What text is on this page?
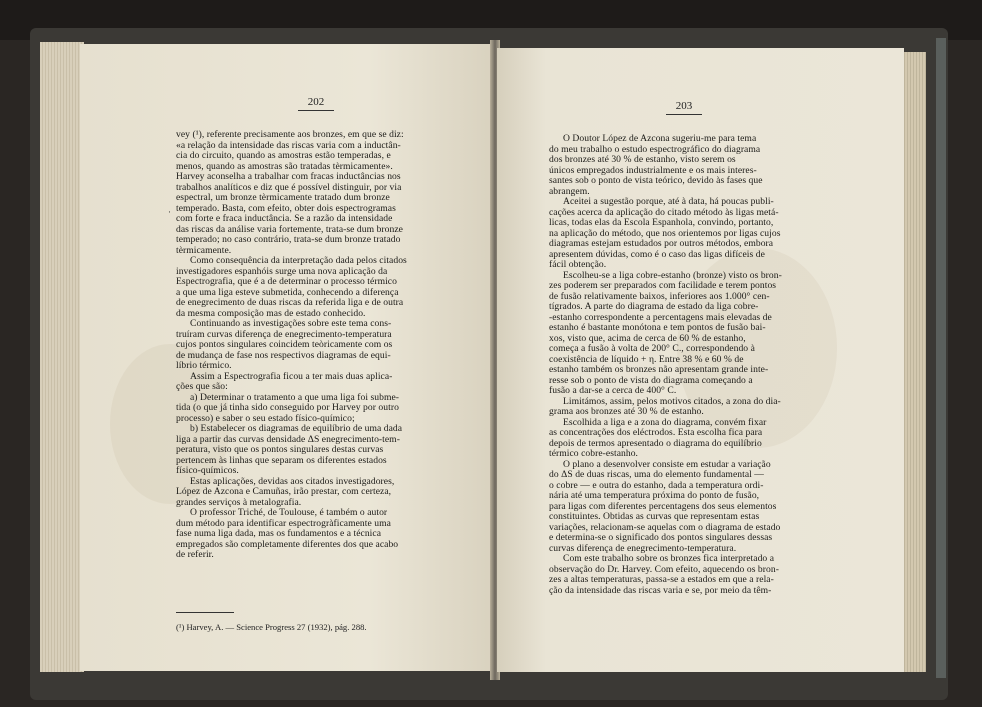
202
·
vey (¹), referente precisamente aos bronzes, em que se diz:
«a relação da intensidade das riscas varia com a inductân-
cia do circuito, quando as amostras estão temperadas, e
menos, quando as amostras são tratadas tèrmicamente».
Harvey aconselha a trabalhar com fracas inductâncias nos
trabalhos analíticos e diz que é possível distinguir, por via
espectral, um bronze tèrmicamente tratado dum bronze
temperado. Basta, com efeito, obter dois espectrogramas
com forte e fraca inductância. Se a razão da intensidade
das riscas da análise varia fortemente, trata-se dum bronze
temperado; no caso contrário, trata-se dum bronze tratado
tèrmicamente.
Como consequência da interpretação dada pelos citados
investigadores espanhóis surge uma nova aplicação da
Espectrografia, que é a de determinar o processo térmico
a que uma liga esteve submetida, conhecendo a diferença
de enegrecimento de duas riscas da referida liga e de outra
da mesma composição mas de estado conhecido.
Continuando as investigações sobre este tema cons-
truíram curvas diferença de enegrecimento-temperatura
cujos pontos singulares coincidem teòricamente com os
de mudança de fase nos respectivos diagramas de equi-
líbrio térmico.
Assim a Espectrografia ficou a ter mais duas aplica-
ções que são:
a) Determinar o tratamento a que uma liga foi subme-
tida (o que já tinha sido conseguido por Harvey por outro
processo) e saber o seu estado físico-químico;
b) Estabelecer os diagramas de equilíbrio de uma dada
liga a partir das curvas densidade ΔS enegrecimento-tem-
peratura, visto que os pontos singulares destas curvas
pertencem às linhas que separam os diferentes estados
físico-químicos.
Estas aplicações, devidas aos citados investigadores,
López de Azcona e Camuñas, irão prestar, com certeza,
grandes serviços à metalografia.
O professor Triché, de Toulouse, é também o autor
dum método para identificar espectrogràficamente uma
fase numa liga dada, mas os fundamentos e a técnica
empregados são completamente diferentes dos que acabo
de referir.
(¹) Harvey, A. — Science Progress 27 (1932), pág. 288.
203
O Doutor López de Azcona sugeriu-me para tema
do meu trabalho o estudo espectrográfico do diagrama
dos bronzes até 30 % de estanho, visto serem os
únicos empregados industrialmente e os mais interes-
santes sob o ponto de vista teórico, devido às fases que
abrangem.
Aceitei a sugestão porque, até à data, há poucas publi-
cações acerca da aplicação do citado método às ligas metá-
licas, todas elas da Escola Espanhola, convindo, portanto,
na aplicação do método, que nos orientemos por ligas cujos
diagramas estejam estudados por outros métodos, embora
apresentem dúvidas, como é o caso das ligas difíceis de
fácil obtenção.
Escolheu-se a liga cobre-estanho (bronze) visto os bron-
zes poderem ser preparados com facilidade e terem pontos
de fusão relativamente baixos, inferiores aos 1.000° cen-
tígrados. A parte do diagrama de estado da liga cobre-
-estanho correspondente a percentagens mais elevadas de
estanho é bastante monótona e tem pontos de fusão bai-
xos, visto que, acima de cerca de 60 % de estanho,
começa a fusão à volta de 200° C., correspondendo à
coexistência de líquido + η. Entre 38 % e 60 % de
estanho também os bronzes não apresentam grande inte-
resse sob o ponto de vista do diagrama começando a
fusão a dar-se a cerca de 400° C.
Limitámos, assim, pelos motivos citados, a zona do dia-
grama aos bronzes até 30 % de estanho.
Escolhida a liga e a zona do diagrama, convém fixar
as concentrações dos eléctrodos. Esta escolha fica para
depois de termos apresentado o diagrama do equilíbrio
térmico cobre-estanho.
O plano a desenvolver consiste em estudar a variação
do ΔS de duas riscas, uma do elemento fundamental —
o cobre — e outra do estanho, dada a temperatura ordi-
nária até uma temperatura próxima do ponto de fusão,
para ligas com diferentes percentagens dos seus elementos
constituintes. Obtidas as curvas que representam estas
variações, relacionam-se aquelas com o diagrama de estado
e determina-se o significado dos pontos singulares dessas
curvas diferença de enegrecimento-temperatura.
Com este trabalho sobre os bronzes fica interpretado a
observação do Dr. Harvey. Com efeito, aquecendo os bron-
zes a altas temperaturas, passa-se a estados em que a rela-
ção da intensidade das riscas varia e se, por meio da têm-
